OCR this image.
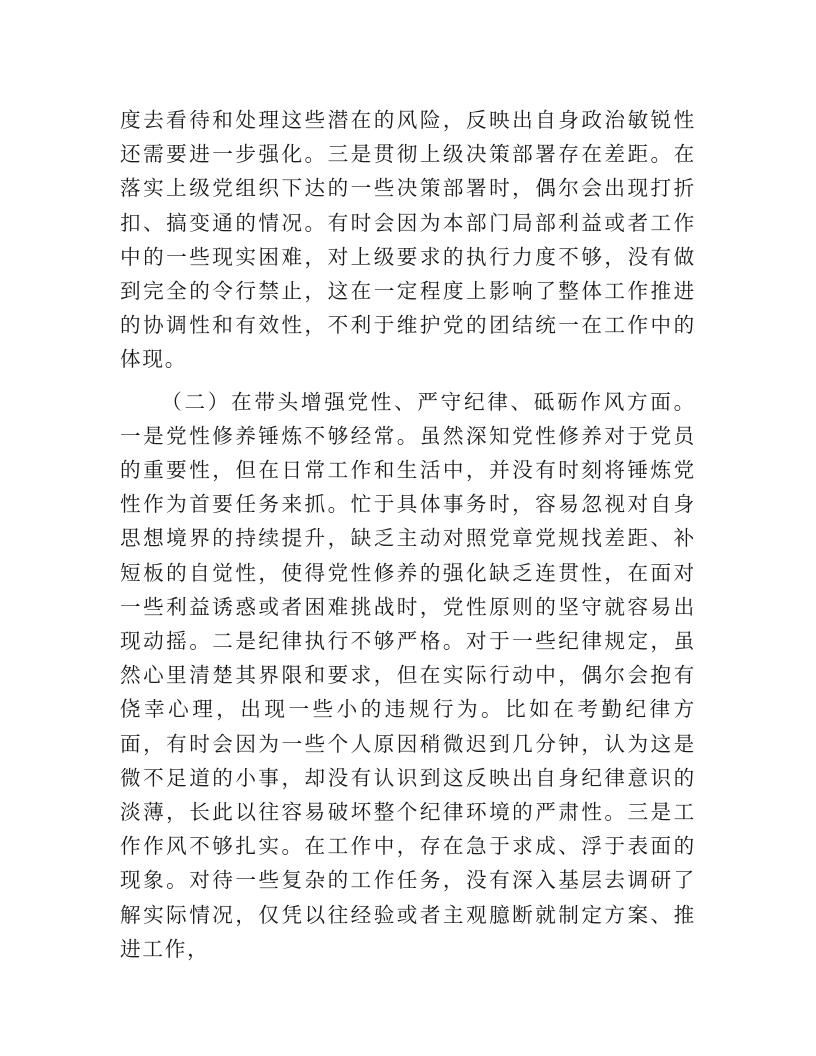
度去看待和处理这些潜在的风险，反映出自身政治敏锐性还需要进一步强化。三是贯彻上级决策部署存在差距。在落实上级党组织下达的一些决策部署时，偶尔会出现打折扣、搞变通的情况。有时会因为本部门局部利益或者工作中的一些现实困难，对上级要求的执行力度不够，没有做到完全的令行禁止，这在一定程度上影响了整体工作推进的协调性和有效性，不利于维护党的团结统一在工作中的体现。

（二）在带头增强党性、严守纪律、砥砺作风方面。一是党性修养锤炼不够经常。虽然深知党性修养对于党员的重要性，但在日常工作和生活中，并没有时刻将锤炼党性作为首要任务来抓。忙于具体事务时，容易忽视对自身思想境界的持续提升，缺乏主动对照党章党规找差距、补短板的自觉性，使得党性修养的强化缺乏连贯性，在面对一些利益诱惑或者困难挑战时，党性原则的坚守就容易出现动摇。二是纪律执行不够严格。对于一些纪律规定，虽然心里清楚其界限和要求，但在实际行动中，偶尔会抱有侥幸心理，出现一些小的违规行为。比如在考勤纪律方面，有时会因为一些个人原因稍微迟到几分钟，认为这是微不足道的小事，却没有认识到这反映出自身纪律意识的淡薄，长此以往容易破坏整个纪律环境的严肃性。三是工作作风不够扎实。在工作中，存在急于求成、浮于表面的现象。对待一些复杂的工作任务，没有深入基层去调研了解实际情况，仅凭以往经验或者主观臆断就制定方案、推进工作，
